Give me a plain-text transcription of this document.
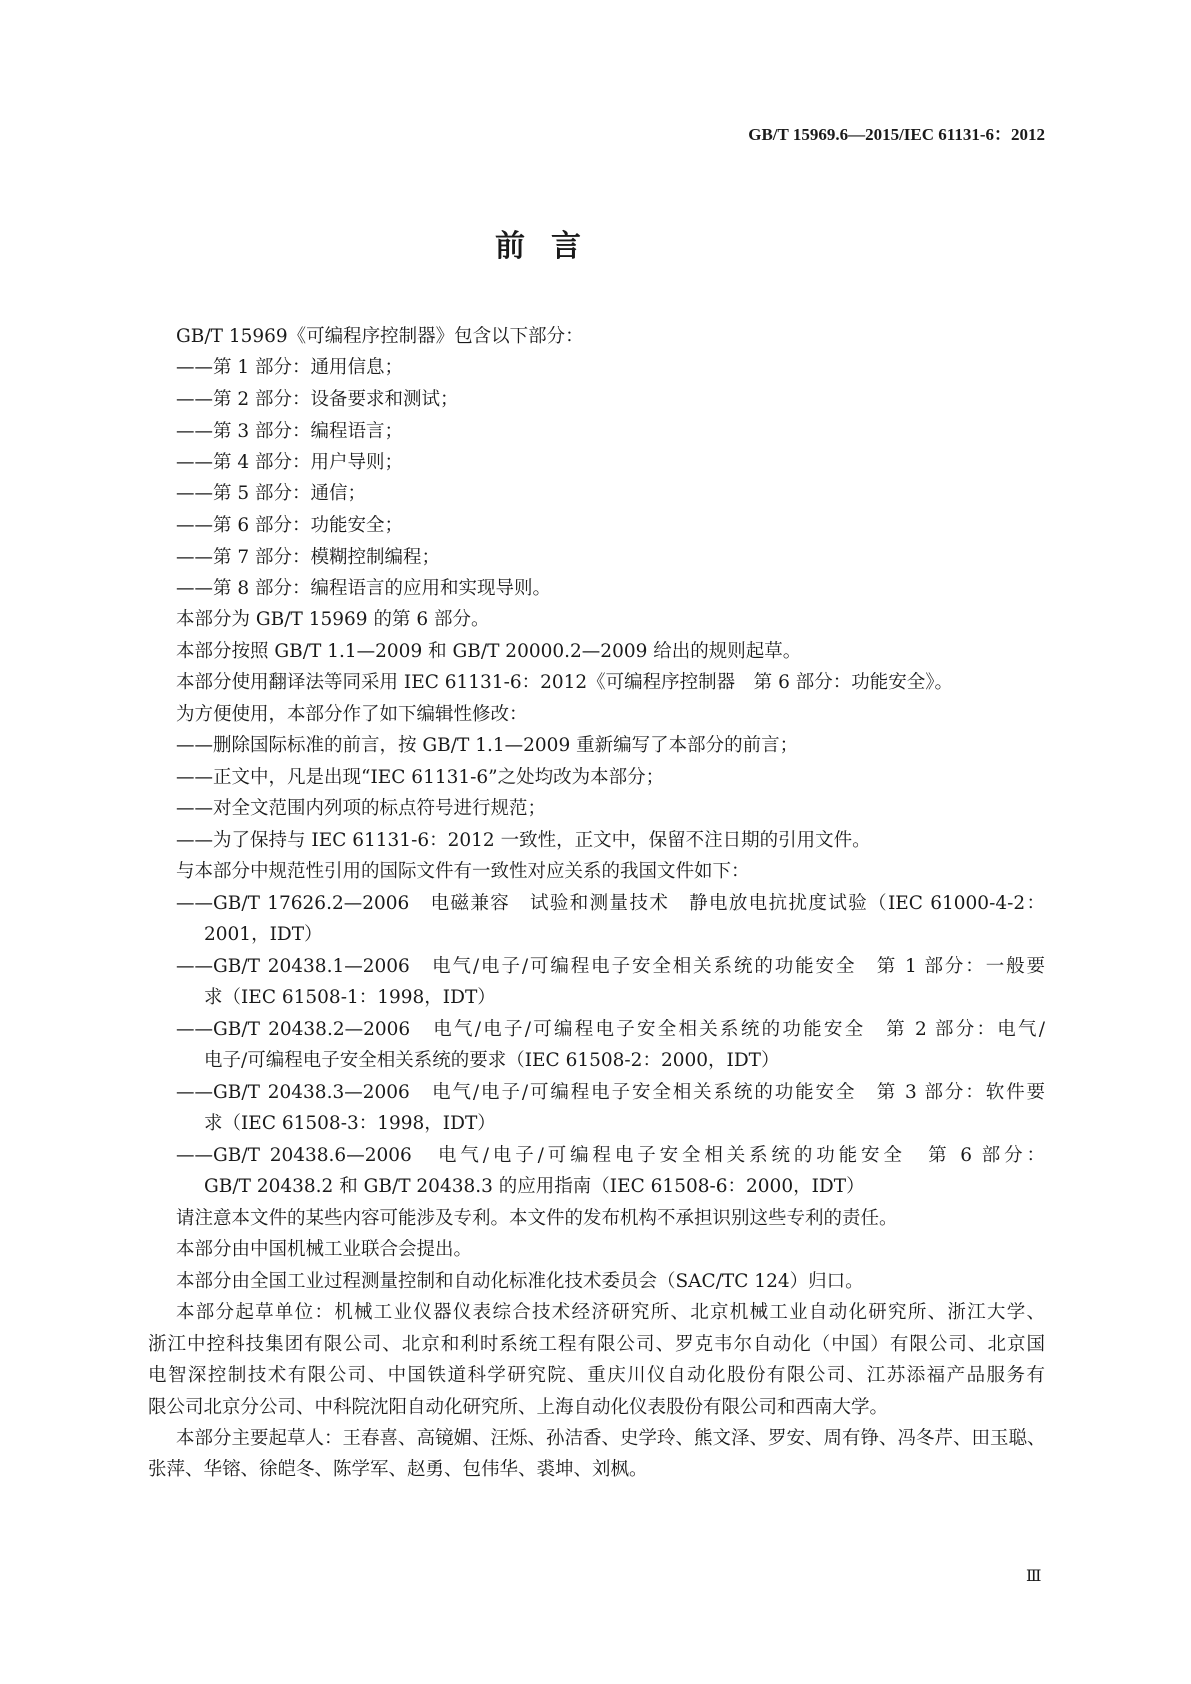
GB/T 15969.6—2015/IEC 61131-6：2012
前言
GB/T 15969《可编程序控制器》包含以下部分：
——第 1 部分：通用信息；
——第 2 部分：设备要求和测试；
——第 3 部分：编程语言；
——第 4 部分：用户导则；
——第 5 部分：通信；
——第 6 部分：功能安全；
——第 7 部分：模糊控制编程；
——第 8 部分：编程语言的应用和实现导则。
本部分为 GB/T 15969 的第 6 部分。
本部分按照 GB/T 1.1—2009 和 GB/T 20000.2—2009 给出的规则起草。
本部分使用翻译法等同采用 IEC 61131-6：2012《可编程序控制器　第 6 部分：功能安全》。
为方便使用，本部分作了如下编辑性修改：
——删除国际标准的前言，按 GB/T 1.1—2009 重新编写了本部分的前言；
——正文中，凡是出现“IEC 61131-6”之处均改为本部分；
——对全文范围内列项的标点符号进行规范；
——为了保持与 IEC 61131-6：2012 一致性，正文中，保留不注日期的引用文件。
与本部分中规范性引用的国际文件有一致性对应关系的我国文件如下：
——GB/T 17626.2—2006　电磁兼容　试验和测量技术　静电放电抗扰度试验（IEC 61000-4-2：
2001，IDT）
——GB/T 20438.1—2006　电气/电子/可编程电子安全相关系统的功能安全　第 1 部分：一般要
求（IEC 61508-1：1998，IDT）
——GB/T 20438.2—2006　电气/电子/可编程电子安全相关系统的功能安全　第 2 部分：电气/
电子/可编程电子安全相关系统的要求（IEC 61508-2：2000，IDT）
——GB/T 20438.3—2006　电气/电子/可编程电子安全相关系统的功能安全　第 3 部分：软件要
求（IEC 61508-3：1998，IDT）
——GB/T 20438.6—2006　电气/电子/可编程电子安全相关系统的功能安全　第 6 部分：
GB/T 20438.2 和 GB/T 20438.3 的应用指南（IEC 61508-6：2000，IDT）
请注意本文件的某些内容可能涉及专利。本文件的发布机构不承担识别这些专利的责任。
本部分由中国机械工业联合会提出。
本部分由全国工业过程测量控制和自动化标准化技术委员会（SAC/TC 124）归口。
本部分起草单位：机械工业仪器仪表综合技术经济研究所、北京机械工业自动化研究所、浙江大学、
浙江中控科技集团有限公司、北京和利时系统工程有限公司、罗克韦尔自动化（中国）有限公司、北京国
电智深控制技术有限公司、中国铁道科学研究院、重庆川仪自动化股份有限公司、江苏添福产品服务有
限公司北京分公司、中科院沈阳自动化研究所、上海自动化仪表股份有限公司和西南大学。
本部分主要起草人：王春喜、高镜媚、汪烁、孙洁香、史学玲、熊文泽、罗安、周有铮、冯冬芹、田玉聪、
张萍、华镕、徐皑冬、陈学军、赵勇、包伟华、裘坤、刘枫。
Ⅲ
